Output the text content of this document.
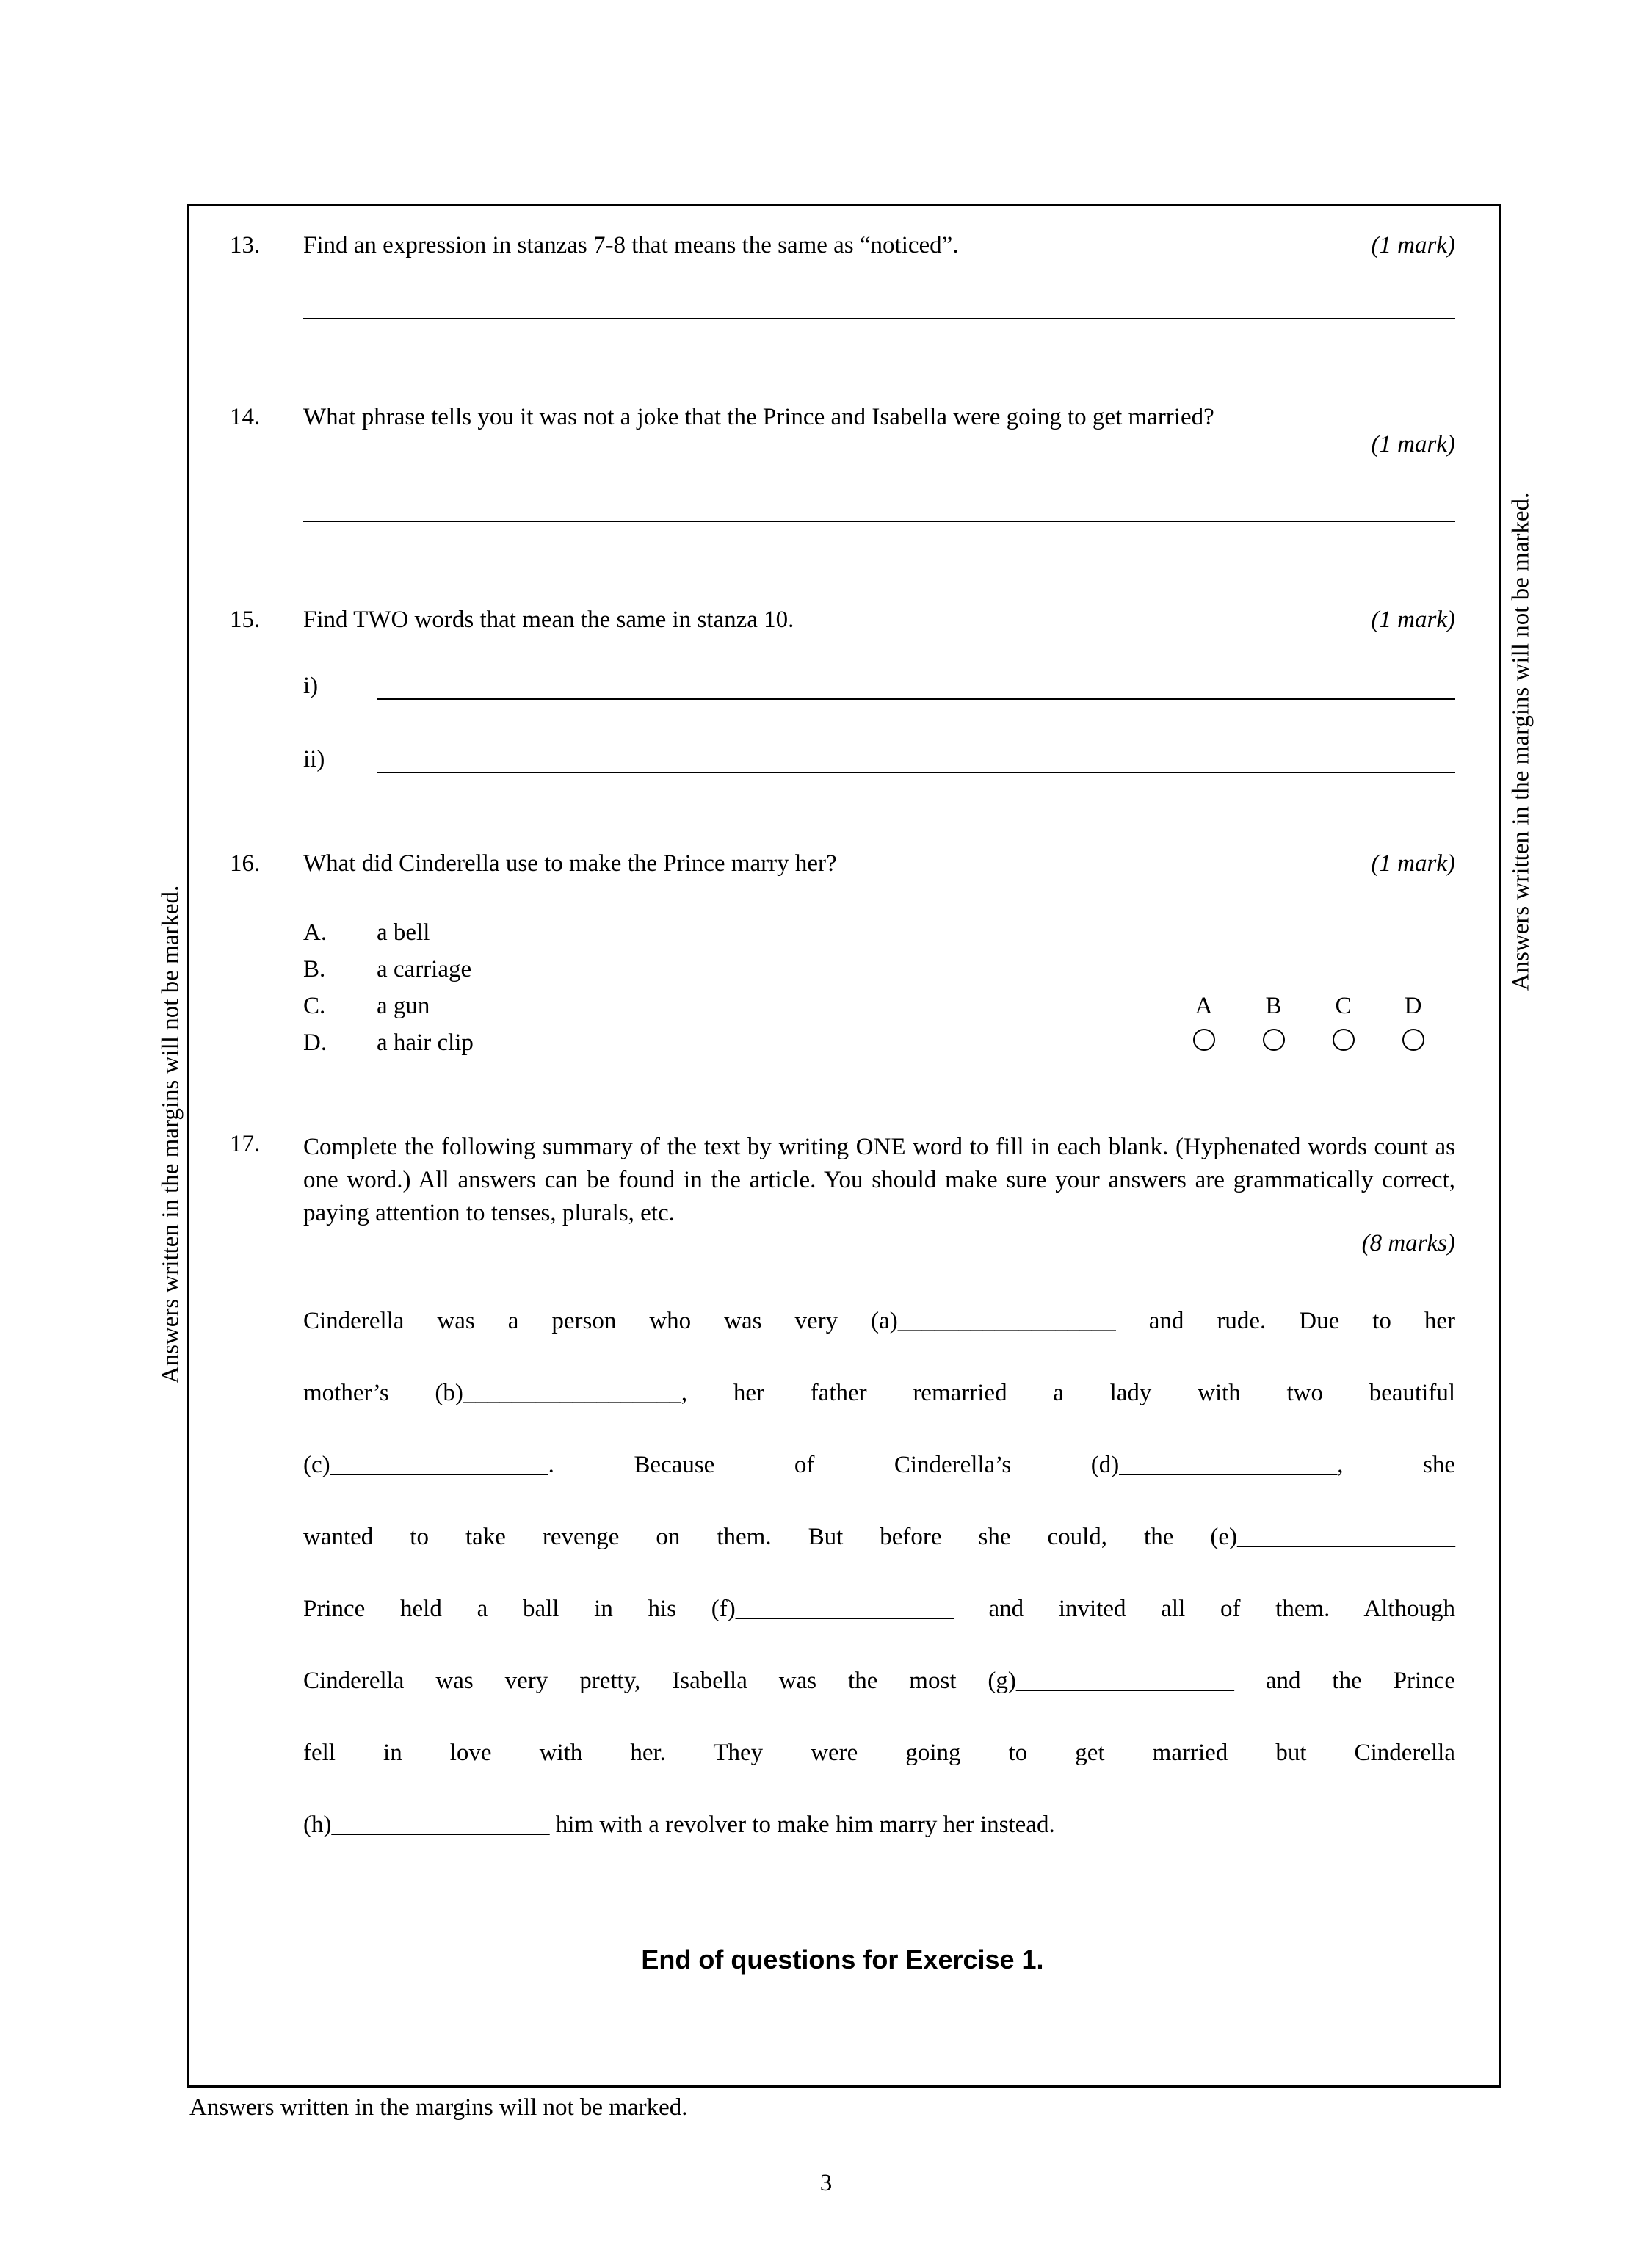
Answers written in the margins will not be marked.
Answers written in the margins will not be marked.
13.	Find an expression in stanzas 7-8 that means the same as “noticed”.	(1 mark)
14.	What phrase tells you it was not a joke that the Prince and Isabella were going to get married?
(1 mark)
15.	Find TWO words that mean the same in stanza 10.	(1 mark)
i)
ii)
16.	What did Cinderella use to make the Prince marry her?	(1 mark)
A.	a bell
B.	a carriage
C.	a gun
D.	a hair clip
A	B	C	D
17.	Complete the following summary of the text by writing ONE word to fill in each blank. (Hyphenated words count as one word.) All answers can be found in the article. You should make sure your answers are grammatically correct, paying attention to tenses, plurals, etc.
(8 marks)
Cinderella was a person who was very (a)__________________ and rude. Due to her
mother’s (b)__________________, her father remarried a lady with two beautiful
(c)__________________. Because of Cinderella’s (d)__________________, she
wanted to take revenge on them. But before she could, the (e)__________________
Prince held a ball in his (f)__________________ and invited all of them. Although
Cinderella was very pretty, Isabella was the most (g)__________________ and the Prince
fell in love with her. They were going to get married but Cinderella
(h)__________________ him with a revolver to make him marry her instead.
End of questions for Exercise 1.
Answers written in the margins will not be marked.
3
